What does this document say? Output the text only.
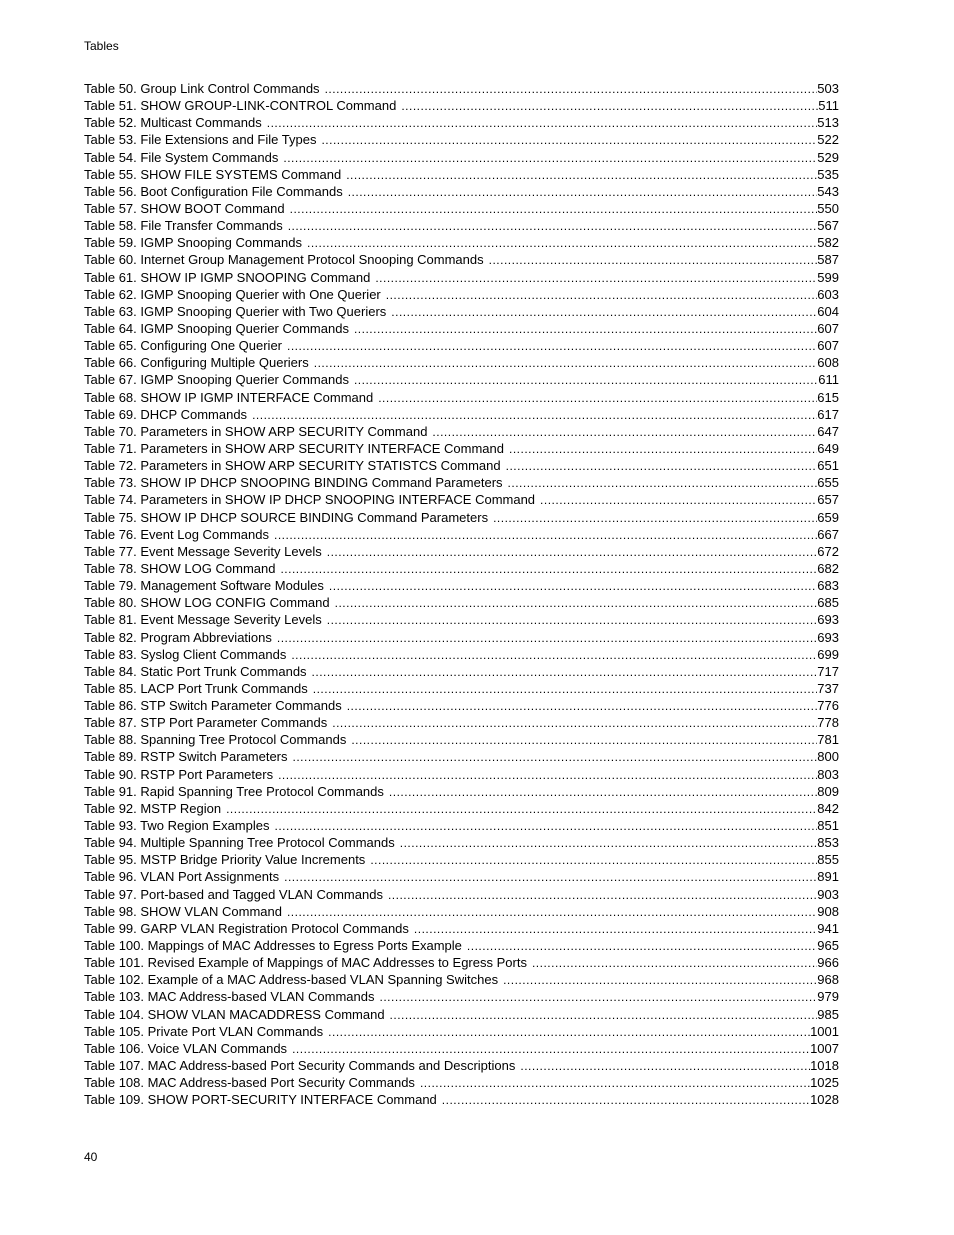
Tables
Table 50. Group Link Control Commands .....	503
Table 51. SHOW GROUP-LINK-CONTROL Command .....	511
Table 52. Multicast Commands .....	513
Table 53. File Extensions and File Types .....	522
Table 54. File System Commands .....	529
Table 55. SHOW FILE SYSTEMS Command .....	535
Table 56. Boot Configuration File Commands .....	543
Table 57. SHOW BOOT Command .....	550
Table 58. File Transfer Commands .....	567
Table 59. IGMP Snooping Commands .....	582
Table 60. Internet Group Management Protocol Snooping Commands .....	587
Table 61. SHOW IP IGMP SNOOPING Command .....	599
Table 62. IGMP Snooping Querier with One Querier .....	603
Table 63. IGMP Snooping Querier with Two Queriers .....	604
Table 64. IGMP Snooping Querier Commands .....	607
Table 65. Configuring One Querier .....	607
Table 66. Configuring Multiple Queriers .....	608
Table 67. IGMP Snooping Querier Commands .....	611
Table 68. SHOW IP IGMP INTERFACE Command .....	615
Table 69. DHCP Commands .....	617
Table 70. Parameters in SHOW ARP SECURITY Command .....	647
Table 71. Parameters in SHOW ARP SECURITY INTERFACE Command .....	649
Table 72. Parameters in SHOW ARP SECURITY STATISTCS Command .....	651
Table 73. SHOW IP DHCP SNOOPING BINDING Command Parameters .....	655
Table 74. Parameters in SHOW IP DHCP SNOOPING INTERFACE Command .....	657
Table 75. SHOW IP DHCP SOURCE BINDING Command Parameters .....	659
Table 76. Event Log Commands .....	667
Table 77. Event Message Severity Levels .....	672
Table 78. SHOW LOG Command .....	682
Table 79. Management Software Modules .....	683
Table 80. SHOW LOG CONFIG Command .....	685
Table 81. Event Message Severity Levels .....	693
Table 82. Program Abbreviations .....	693
Table 83. Syslog Client Commands .....	699
Table 84. Static Port Trunk Commands .....	717
Table 85. LACP Port Trunk Commands .....	737
Table 86. STP Switch Parameter Commands .....	776
Table 87. STP Port Parameter Commands .....	778
Table 88. Spanning Tree Protocol Commands .....	781
Table 89. RSTP Switch Parameters .....	800
Table 90. RSTP Port Parameters .....	803
Table 91. Rapid Spanning Tree Protocol Commands .....	809
Table 92. MSTP Region .....	842
Table 93. Two Region Examples .....	851
Table 94. Multiple Spanning Tree Protocol Commands .....	853
Table 95. MSTP Bridge Priority Value Increments .....	855
Table 96. VLAN Port Assignments .....	891
Table 97. Port-based and Tagged VLAN Commands .....	903
Table 98. SHOW VLAN Command .....	908
Table 99. GARP VLAN Registration Protocol Commands .....	941
Table 100. Mappings of MAC Addresses to Egress Ports Example .....	965
Table 101. Revised Example of Mappings of MAC Addresses to Egress Ports .....	966
Table 102. Example of a MAC Address-based VLAN Spanning Switches .....	968
Table 103. MAC Address-based VLAN Commands .....	979
Table 104. SHOW VLAN MACADDRESS Command .....	985
Table 105. Private Port VLAN Commands .....	1001
Table 106. Voice VLAN Commands .....	1007
Table 107. MAC Address-based Port Security Commands and Descriptions .....	1018
Table 108. MAC Address-based Port Security Commands .....	1025
Table 109. SHOW PORT-SECURITY INTERFACE Command .....	1028
40
